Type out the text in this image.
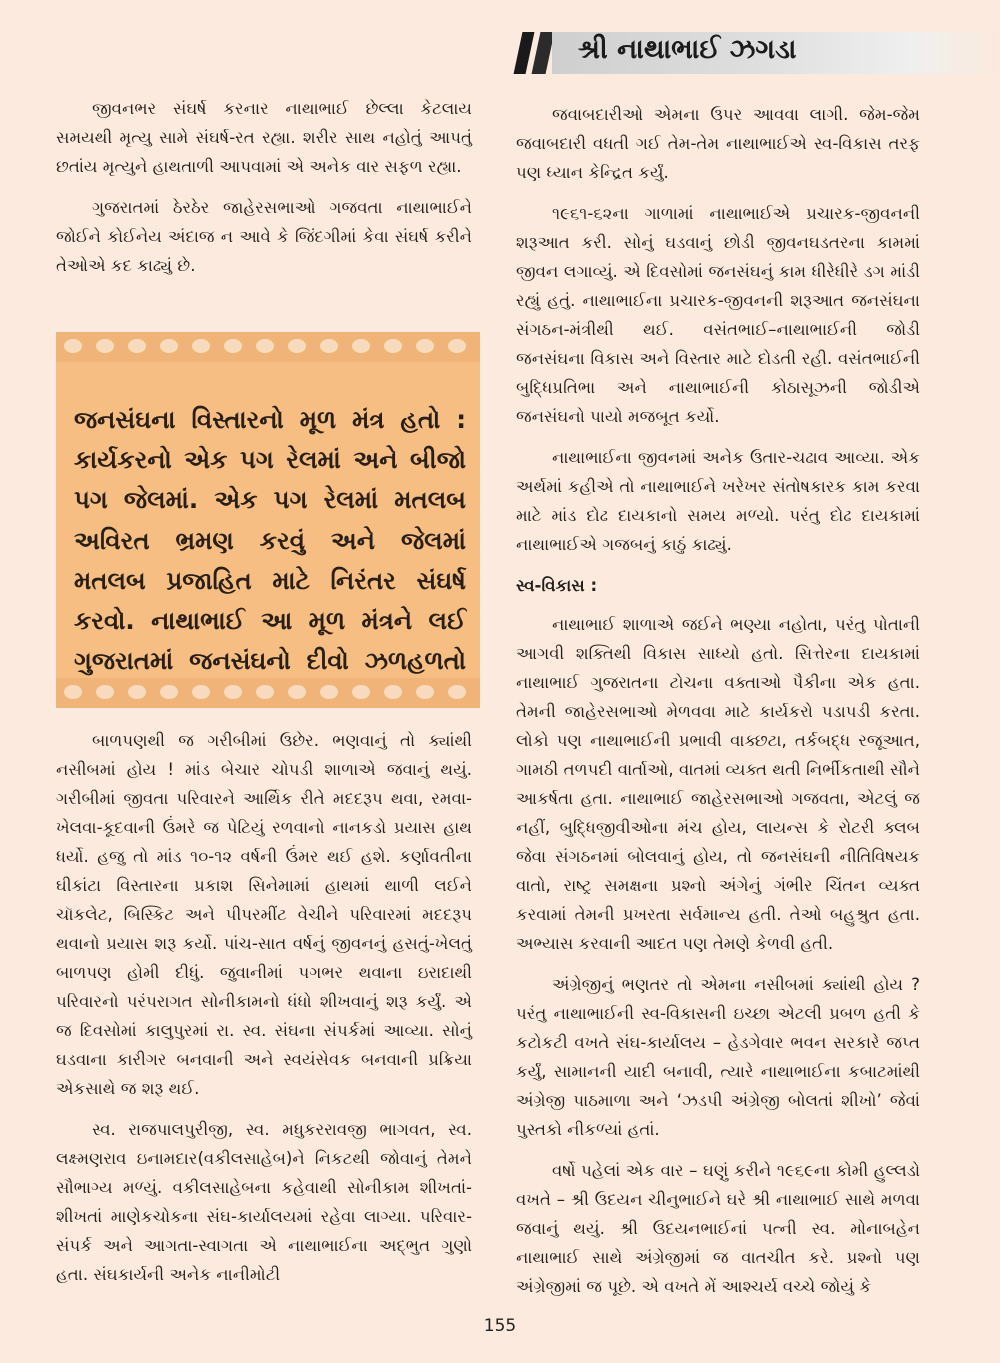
શ્રી નાથાભાઈ ઝગડા

જીવનભર સંઘર્ષ કરનાર નાથાભાઈ છેલ્લા કેટલાય સમયથી મૃત્યુ સામે સંઘર્ષ-રત રહ્યા. શરીર સાથ નહોતું આપતું છતાંય મૃત્યુને હાથતાળી આપવામાં એ અનેક વાર સફળ રહ્યા.

ગુજરાતમાં ઠેરઠેર જાહેરસભાઓ ગજવતા નાથાભાઈને જોઈને કોઈનેય અંદાજ ન આવે કે જિંદગીમાં કેવા સંઘર્ષ કરીને તેઓએ કદ કાઢ્યું છે.

જનસંઘના વિસ્તારનો મૂળ મંત્ર હતો : કાર્યકરનો એક પગ રેલમાં અને બીજો પગ જેલમાં. એક પગ રેલમાં મતલબ અવિરત ભ્રમણ કરવું અને જેલમાં મતલબ પ્રજાહિત માટે નિરંતર સંઘર્ષ કરવો. નાથાભાઈ આ મૂળ મંત્રને લઈ ગુજરાતમાં જનસંઘનો દીવો ઝળહળતો

બાળપણથી જ ગરીબીમાં ઉછેર. ભણવાનું તો ક્યાંથી નસીબમાં હોય ! માંડ બેચાર ચોપડી શાળાએ જવાનું થયું. ગરીબીમાં જીવતા પરિવારને આર્થિક રીતે મદદરૂપ થવા, રમવા-ખેલવા-કૂદવાની ઉંમરે જ પેટિયું રળવાનો નાનકડો પ્રયાસ હાથ ધર્યો. હજુ તો માંડ ૧૦-૧૨ વર્ષની ઉંમર થઈ હશે. કર્ણાવતીના ઘીકાંટા વિસ્તારના પ્રકાશ સિનેમામાં હાથમાં થાળી લઈને ચૉકલેટ, બિસ્કિટ અને પીપરમીંટ વેચીને પરિવારમાં મદદરૂપ થવાનો પ્રયાસ શરૂ કર્યો. પાંચ-સાત વર્ષનું જીવનનું હસતું-ખેલતું બાળપણ હોમી દીધું. જુવાનીમાં પગભર થવાના ઇરાદાથી પરિવારનો પરંપરાગત સોનીકામનો ધંધો શીખવાનું શરૂ કર્યું. એ જ દિવસોમાં કાલુપુરમાં રા. સ્વ. સંઘના સંપર્કમાં આવ્યા. સોનું ઘડવાના કારીગર બનવાની અને સ્વયંસેવક બનવાની પ્રક્રિયા એકસાથે જ શરૂ થઈ.

સ્વ. રાજપાલપુરીજી, સ્વ. મધુકરરાવજી ભાગવત, સ્વ. લક્ષ્મણરાવ ઇનામદાર(વકીલસાહેબ)ને નિકટથી જોવાનું તેમને સૌભાગ્ય મળ્યું. વકીલસાહેબના કહેવાથી સોનીકામ શીખતાં-શીખતાં માણેકચોકના સંઘ-કાર્યાલયમાં રહેવા લાગ્યા. પરિવાર-સંપર્ક અને આગતા-સ્વાગતા એ નાથાભાઈના અદ્ભુત ગુણો હતા. સંઘકાર્યની અનેક નાનીમોટી

જવાબદારીઓ એમના ઉપર આવવા લાગી. જેમ-જેમ જવાબદારી વધતી ગઈ તેમ-તેમ નાથાભાઈએ સ્વ-વિકાસ તરફ પણ ધ્યાન કેન્દ્રિત કર્યું.

૧૯૬૧-૬૨ના ગાળામાં નાથાભાઈએ પ્રચારક-જીવનની શરૂઆત કરી. સોનું ઘડવાનું છોડી જીવનઘડતરના કામમાં જીવન લગાવ્યું. એ દિવસોમાં જનસંઘનું કામ ધીરેધીરે ડગ માંડી રહ્યું હતું. નાથાભાઈના પ્રચારક-જીવનની શરૂઆત જનસંઘના સંગઠન-મંત્રીથી થઈ. વસંતભાઈ–નાથાભાઈની જોડી જનસંઘના વિકાસ અને વિસ્તાર માટે દોડતી રહી. વસંતભાઈની બુદ્ધિપ્રતિભા અને નાથાભાઈની કોઠાસૂઝની જોડીએ જનસંઘનો પાયો મજબૂત કર્યો.

નાથાભાઈના જીવનમાં અનેક ઉતાર-ચઢાવ આવ્યા. એક અર્થમાં કહીએ તો નાથાભાઈને ખરેખર સંતોષકારક કામ કરવા માટે માંડ દોઢ દાયકાનો સમય મળ્યો. પરંતુ દોઢ દાયકામાં નાથાભાઈએ ગજબનું કાઠું કાઢ્યું.

સ્વ-વિકાસ :

નાથાભાઈ શાળાએ જઈને ભણ્યા નહોતા, પરંતુ પોતાની આગવી શક્તિથી વિકાસ સાધ્યો હતો. સિત્તેરના દાયકામાં નાથાભાઈ ગુજરાતના ટોચના વક્તાઓ પૈકીના એક હતા. તેમની જાહેરસભાઓ મેળવવા માટે કાર્યકરો પડાપડી કરતા. લોકો પણ નાથાભાઈની પ્રભાવી વાક્છટા, તર્કબદ્ધ રજૂઆત, ગામઠી તળપદી વાર્તાઓ, વાતમાં વ્યક્ત થતી નિર્ભીકતાથી સૌને આકર્ષતા હતા. નાથાભાઈ જાહેરસભાઓ ગજવતા, એટલું જ નહીં, બુદ્ધિજીવીઓના મંચ હોય, લાયન્સ કે રોટરી ક્લબ જેવા સંગઠનમાં બોલવાનું હોય, તો જનસંઘની નીતિવિષયક વાતો, રાષ્ટ્ર સમક્ષના પ્રશ્નો અંગેનું ગંભીર ચિંતન વ્યક્ત કરવામાં તેમની પ્રખરતા સર્વમાન્ય હતી. તેઓ બહુશ્રુત હતા. અભ્યાસ કરવાની આદત પણ તેમણે કેળવી હતી.

અંગ્રેજીનું ભણતર તો એમના નસીબમાં ક્યાંથી હોય ? પરંતુ નાથાભાઈની સ્વ-વિકાસની ઇચ્છા એટલી પ્રબળ હતી કે કટોકટી વખતે સંઘ-કાર્યાલય – હેડગેવાર ભવન સરકારે જપ્ત કર્યું, સામાનની યાદી બનાવી, ત્યારે નાથાભાઈના કબાટમાંથી અંગ્રેજી પાઠમાળા અને ‘ઝડપી અંગ્રેજી બોલતાં શીખો’ જેવાં પુસ્તકો નીકળ્યાં હતાં.

વર્ષો પહેલાં એક વાર – ઘણું કરીને ૧૯૬૯ના કોમી હુલ્લડો વખતે – શ્રી ઉદયન ચીનુભાઈને ઘરે શ્રી નાથાભાઈ સાથે મળવા જવાનું થયું. શ્રી ઉદયનભાઈનાં પત્ની સ્વ. મોનાબહેન નાથાભાઈ સાથે અંગ્રેજીમાં જ વાતચીત કરે. પ્રશ્નો પણ અંગ્રેજીમાં જ પૂછે. એ વખતે મેં આશ્ચર્ય વચ્ચે જોયું કે

155
